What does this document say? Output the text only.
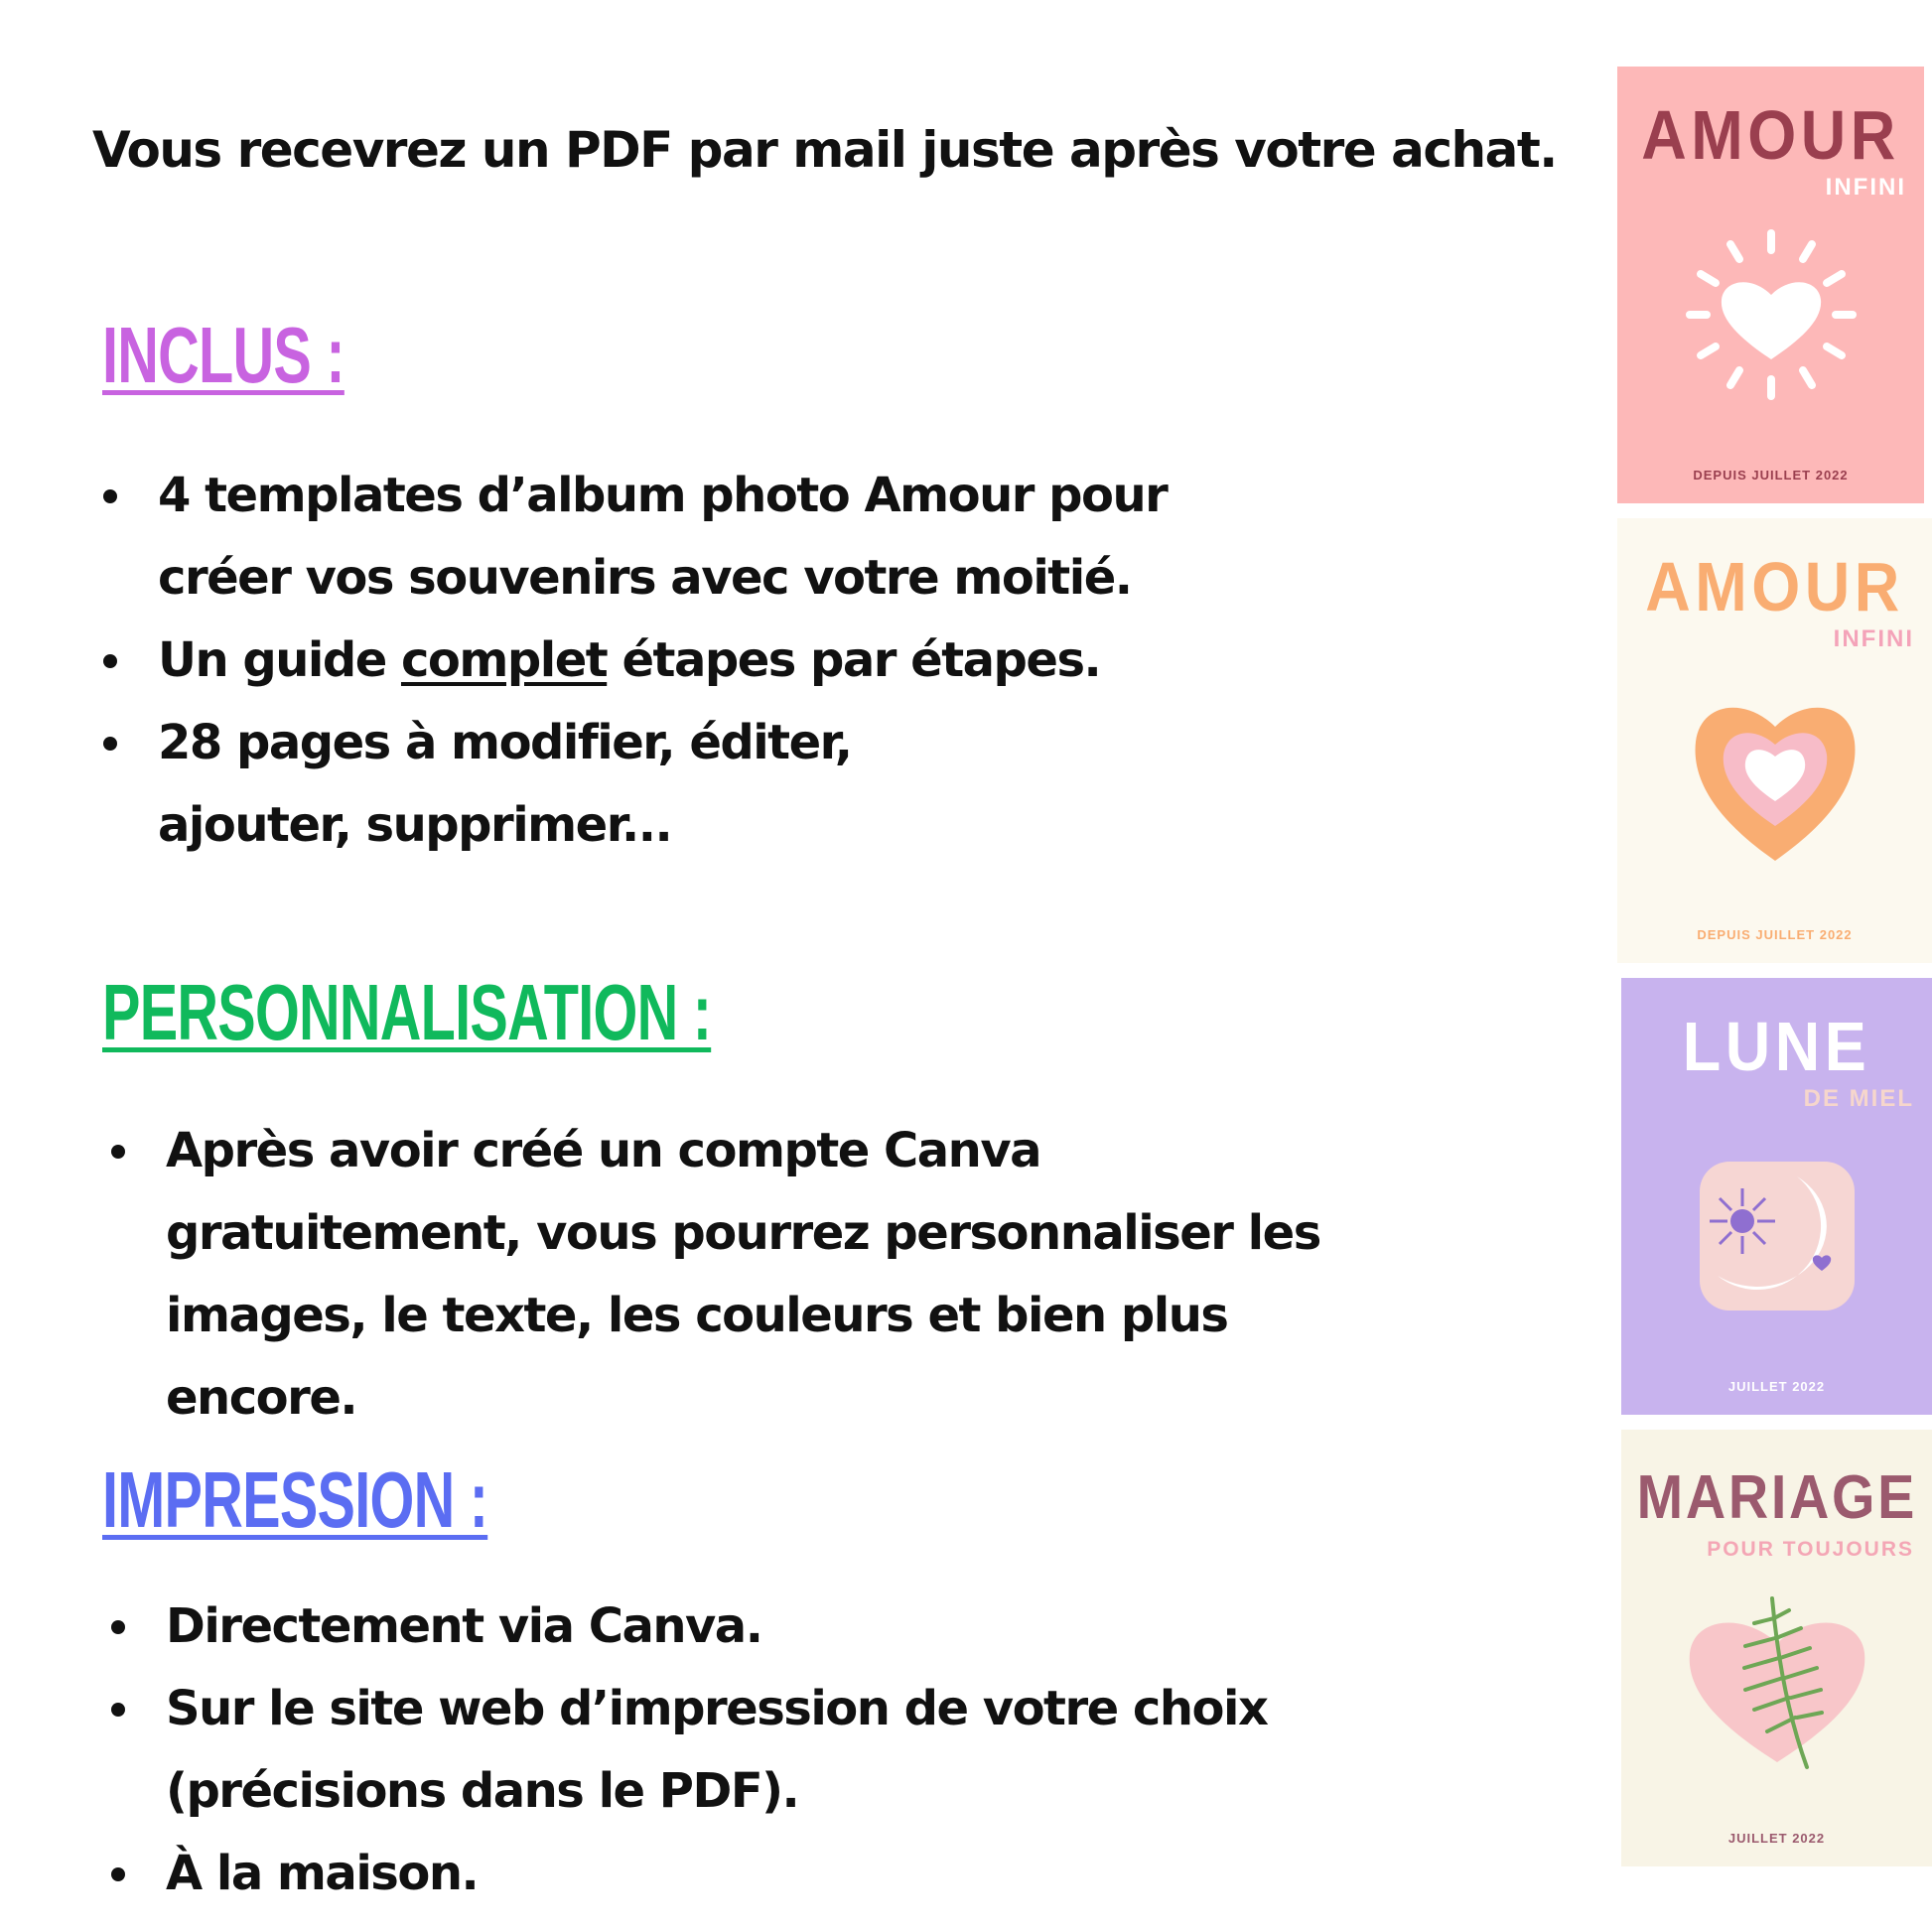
Vous recevrez un PDF par mail juste après votre achat.
INCLUS :
4 templates d’album photo Amour pour créer vos souvenirs avec votre moitié.
Un guide complet étapes par étapes.
28 pages à modifier, éditer, ajouter, supprimer...
PERSONNALISATION :
Après avoir créé un compte Canva gratuitement, vous pourrez personnaliser les images, le texte, les couleurs et bien plus encore.
IMPRESSION :
Directement via Canva.
Sur le site web d’impression de votre choix (précisions dans le PDF).
À la maison.
AMOUR
INFINI
DEPUIS JUILLET 2022
AMOUR
INFINI
DEPUIS JUILLET 2022
LUNE
DE MIEL
JUILLET 2022
MARIAGE
POUR TOUJOURS
JUILLET 2022
